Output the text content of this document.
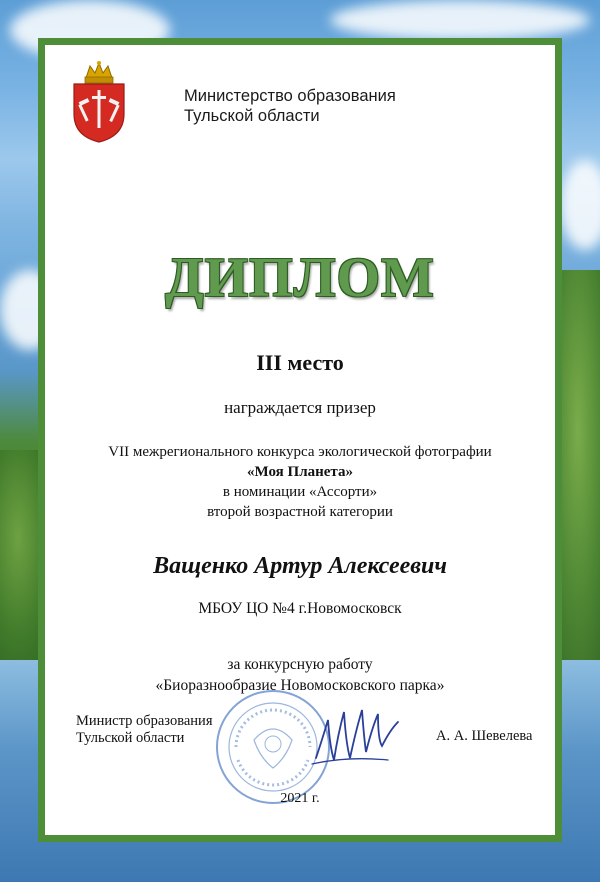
Министерство образования
Тульской области
ДИПЛОМ
III место
награждается призер
VII межрегионального конкурса экологической фотографии
«Моя Планета»
в номинации «Ассорти»
второй возрастной категории
Ващенко Артур Алексеевич
МБОУ ЦО №4 г.Новомосковск
за конкурсную работу
«Биоразнообразие Новомосковского парка»
Министр образования
Тульской области	А. А. Шевелева
2021 г.
